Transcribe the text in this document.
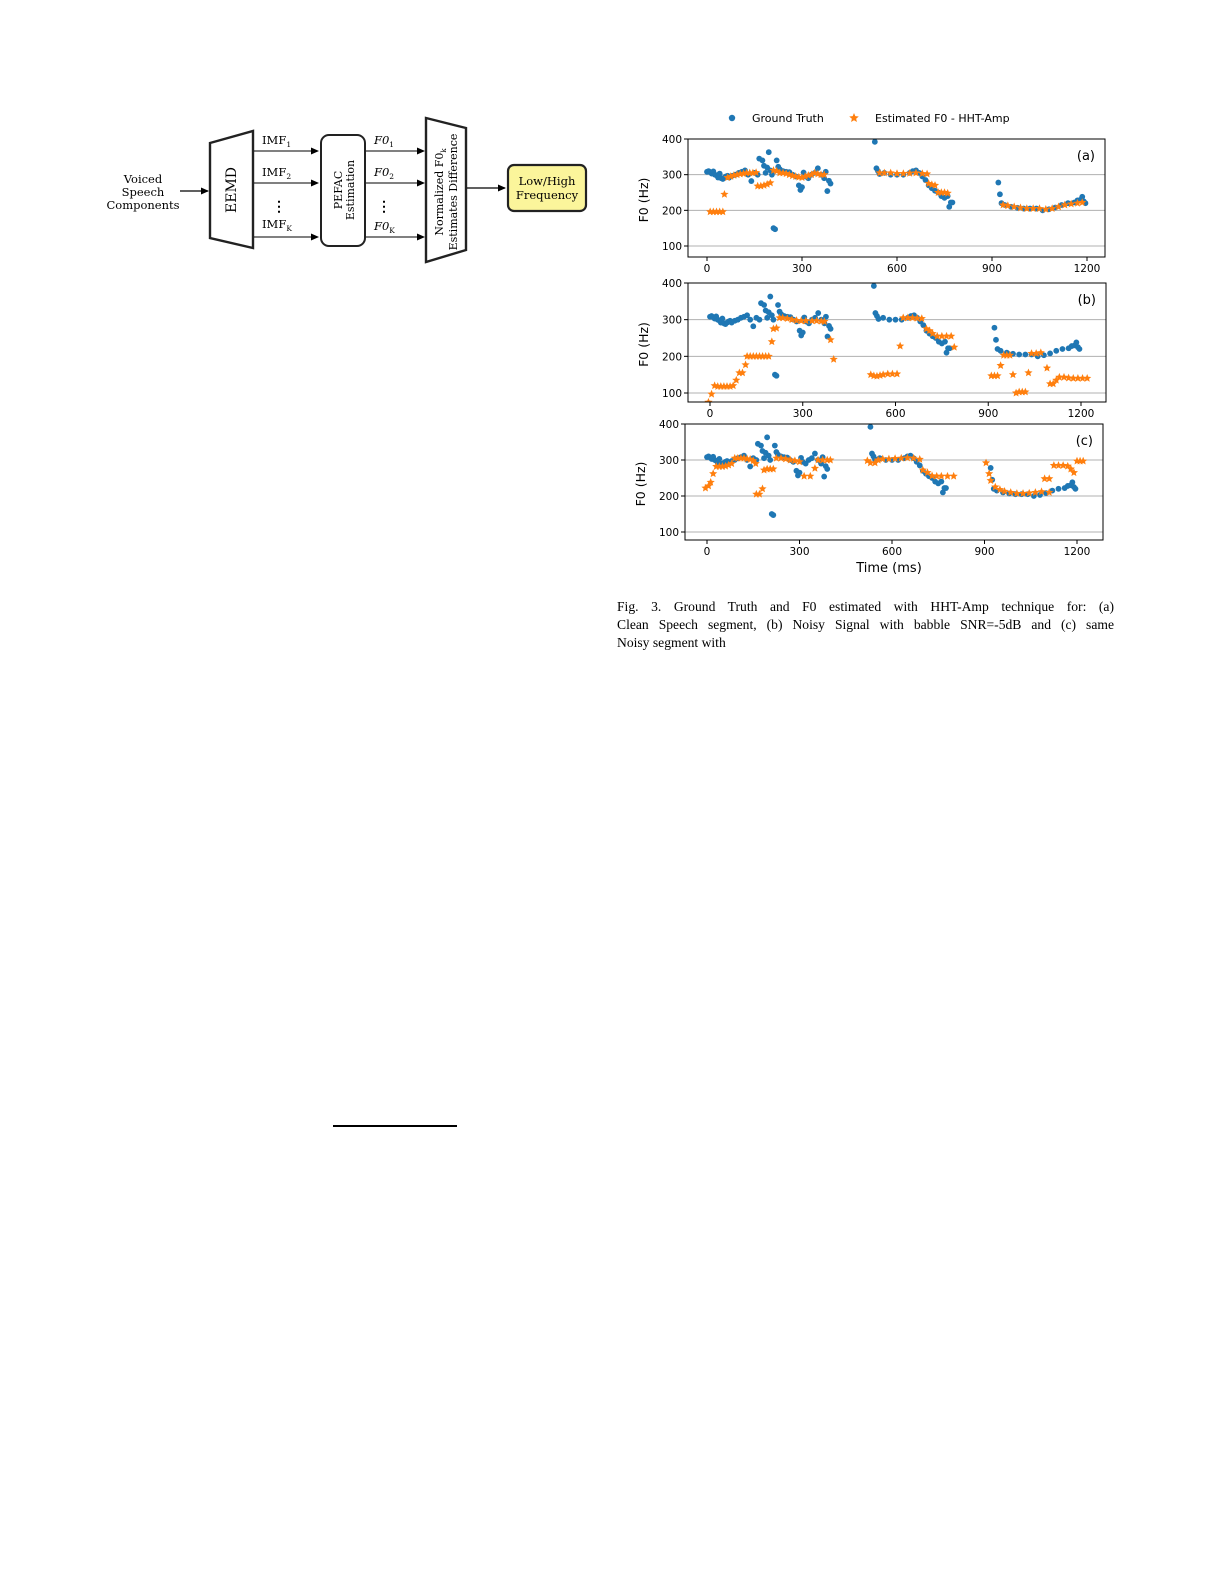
Voiced
Speech
Components	EEMD
$IMF_1$
$IMF_2$
⋮
$IMF_K$
PEFAC Estimation
$F0_1$
$F0_2$
⋮
$F0_K$	Normalized $F0_k$ Estimates Difference	Low/High
Frequency
Ground Truth	Estimated F0 - HHT-Amp
100
200
300
400
0	300	600	900	1200
F0 (Hz)
(a)
100
200
300
400
0	300	600	900	1200
F0 (Hz)
(b)
100
200
300
400
0	300	600	900	1200
F0 (Hz)
(c)
Time (ms)
Fig. 3. Ground Truth and F0 estimated with HHT-Amp technique for: (a)
Clean Speech segment, (b) Noisy Signal with babble SNR=-5dB and (c) same
Noisy segment with
